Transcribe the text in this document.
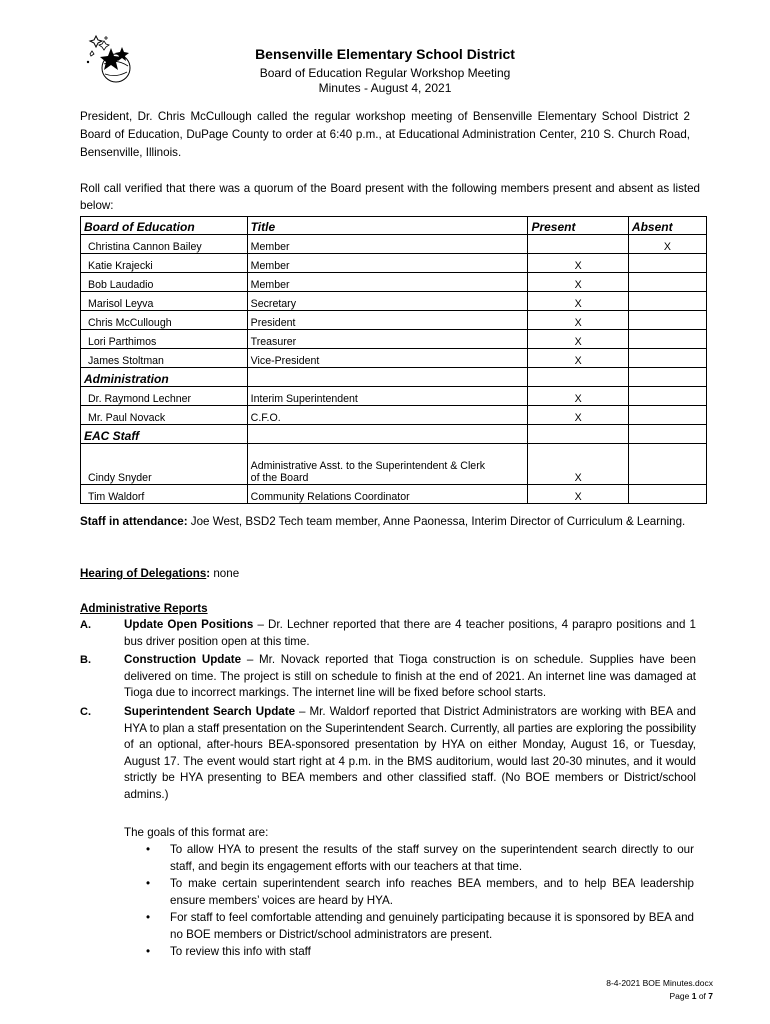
Bensenville Elementary School District
Board of Education Regular Workshop Meeting
Minutes - August 4, 2021
President, Dr. Chris McCullough called the regular workshop meeting of Bensenville Elementary School District 2 Board of Education, DuPage County to order at 6:40 p.m., at Educational Administration Center, 210 S. Church Road, Bensenville, Illinois.
Roll call verified that there was a quorum of the Board present with the following members present and absent as listed below:
Board of Education	Title	Present	Absent
Christina Cannon Bailey	Member		X
Katie Krajecki	Member	X	
Bob Laudadio	Member	X	
Marisol Leyva	Secretary	X	
Chris McCullough	President	X	
Lori Parthimos	Treasurer	X	
James Stoltman	Vice-President	X	
Administration			
Dr. Raymond Lechner	Interim Superintendent	X	
Mr. Paul Novack	C.F.O.	X	
EAC Staff			
Cindy Snyder	Administrative Asst. to the Superintendent & Clerk
of the Board	X	
Tim Waldorf	Community Relations Coordinator	X	
Staff in attendance: Joe West, BSD2 Tech team member, Anne Paonessa, Interim Director of Curriculum & Learning.
Hearing of Delegations: none
Administrative Reports
A.	Update Open Positions – Dr. Lechner reported that there are 4 teacher positions, 4 parapro positions and 1 bus driver position open at this time.
B.	Construction Update – Mr. Novack reported that Tioga construction is on schedule. Supplies have been delivered on time. The project is still on schedule to finish at the end of 2021. An internet line was damaged at Tioga due to incorrect markings. The internet line will be fixed before school starts.
C.	Superintendent Search Update – Mr. Waldorf reported that District Administrators are working with BEA and HYA to plan a staff presentation on the Superintendent Search. Currently, all parties are exploring the possibility of an optional, after-hours BEA-sponsored presentation by HYA on either Monday, August 16, or Tuesday, August 17. The event would start right at 4 p.m. in the BMS auditorium, would last 20-30 minutes, and it would strictly be HYA presenting to BEA members and other classified staff. (No BOE members or District/school admins.)
The goals of this format are:
• To allow HYA to present the results of the staff survey on the superintendent search directly to our staff, and begin its engagement efforts with our teachers at that time.
• To make certain superintendent search info reaches BEA members, and to help BEA leadership ensure members’ voices are heard by HYA.
• For staff to feel comfortable attending and genuinely participating because it is sponsored by BEA and no BOE members or District/school administrators are present.
• To review this info with staff
8-4-2021 BOE Minutes.docx
Page 1 of 7
